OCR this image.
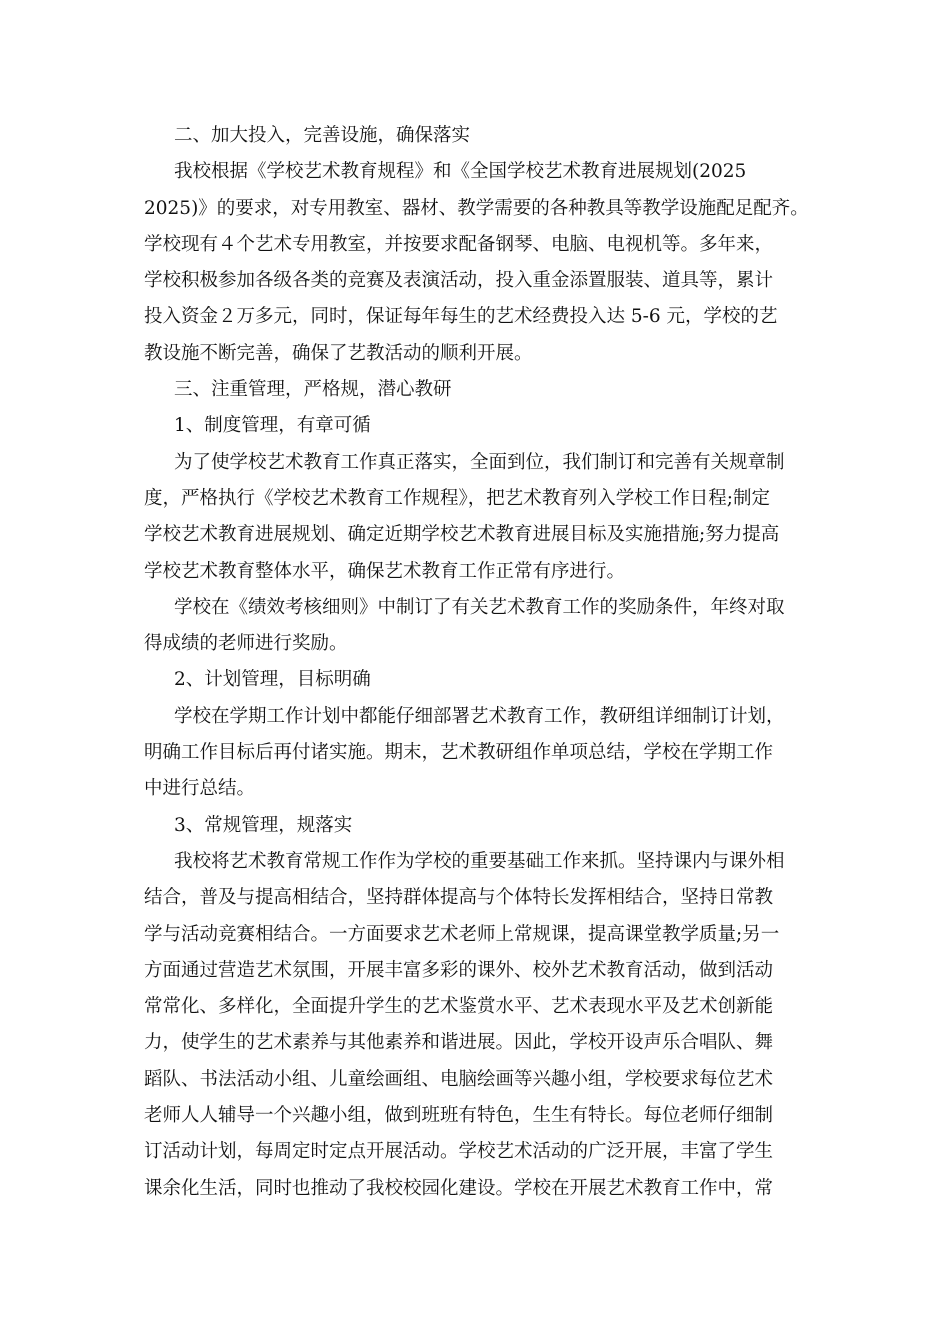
二、加大投入，完善设施，确保落实
我校根据《学校艺术教育规程》和《全国学校艺术教育进展规划(2025
2025)》的要求，对专用教室、器材、教学需要的各种教具等教学设施配足配齐。
学校现有４个艺术专用教室，并按要求配备钢琴、电脑、电视机等。多年来，
学校积极参加各级各类的竞赛及表演活动，投入重金添置服装、道具等，累计
投入资金２万多元，同时，保证每年每生的艺术经费投入达 5-6 元，学校的艺
教设施不断完善，确保了艺教活动的顺利开展。
三、注重管理，严格规，潜心教研
1、制度管理，有章可循
为了使学校艺术教育工作真正落实，全面到位，我们制订和完善有关规章制
度，严格执行《学校艺术教育工作规程》，把艺术教育列入学校工作日程;制定
学校艺术教育进展规划、确定近期学校艺术教育进展目标及实施措施;努力提高
学校艺术教育整体水平，确保艺术教育工作正常有序进行。
学校在《绩效考核细则》中制订了有关艺术教育工作的奖励条件，年终对取
得成绩的老师进行奖励。
2、计划管理，目标明确
学校在学期工作计划中都能仔细部署艺术教育工作，教研组详细制订计划，
明确工作目标后再付诸实施。期末，艺术教研组作单项总结，学校在学期工作
中进行总结。
3、常规管理，规落实
我校将艺术教育常规工作作为学校的重要基础工作来抓。坚持课内与课外相
结合，普及与提高相结合，坚持群体提高与个体特长发挥相结合，坚持日常教
学与活动竞赛相结合。一方面要求艺术老师上常规课，提高课堂教学质量;另一
方面通过营造艺术氛围，开展丰富多彩的课外、校外艺术教育活动，做到活动
常常化、多样化，全面提升学生的艺术鉴赏水平、艺术表现水平及艺术创新能
力，使学生的艺术素养与其他素养和谐进展。因此，学校开设声乐合唱队、舞
蹈队、书法活动小组、儿童绘画组、电脑绘画等兴趣小组，学校要求每位艺术
老师人人辅导一个兴趣小组，做到班班有特色，生生有特长。每位老师仔细制
订活动计划，每周定时定点开展活动。学校艺术活动的广泛开展，丰富了学生
课余化生活，同时也推动了我校校园化建设。学校在开展艺术教育工作中，常
